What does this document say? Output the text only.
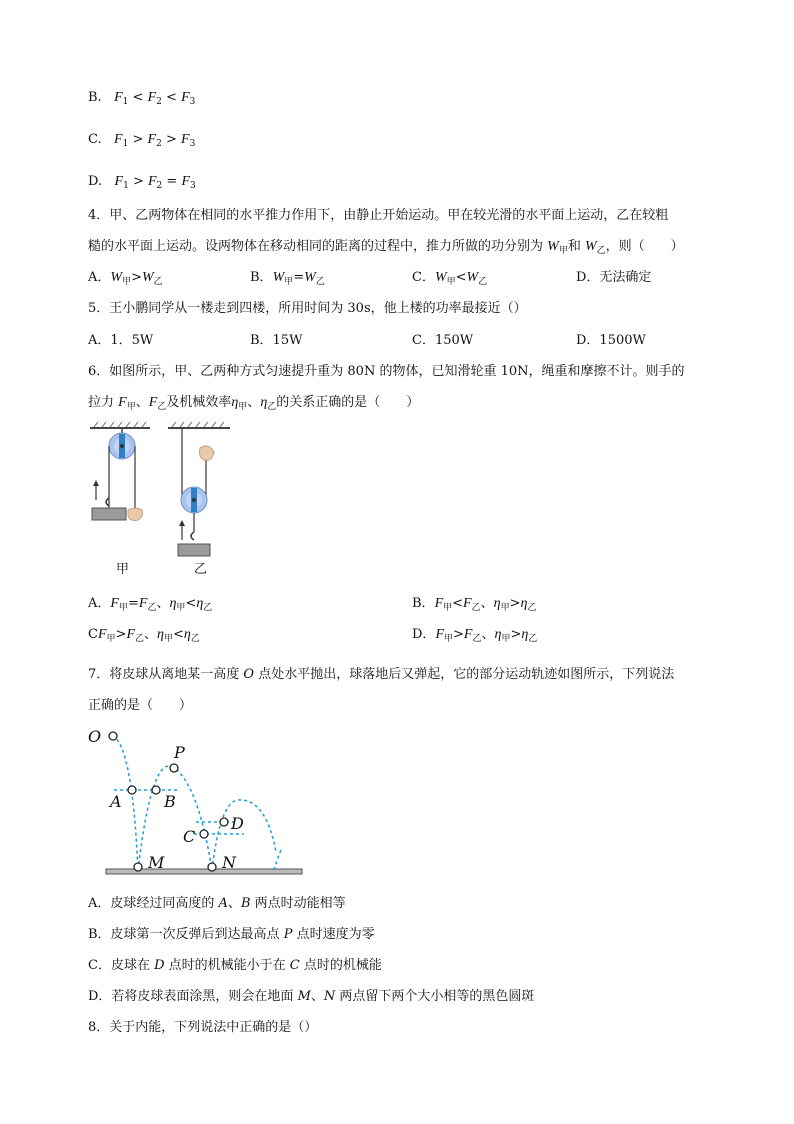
B. $F_1 < F_2 < F_3$
C. $F_1 > F_2 > F_3$
D. $F_1 > F_2 = F_3$
4．甲、乙两物体在相同的水平推力作用下，由静止开始运动。甲在较光滑的水平面上运动，乙在较粗
糙的水平面上运动。设两物体在移动相同的距离的过程中，推力所做的功分别为 $W_甲$和 $W_乙$，则（　　）
A．$W_甲>W_乙$	B．$W_甲=W_乙$	C．$W_甲<W_乙$	D．无法确定
5．王小鹏同学从一楼走到四楼，所用时间为 30s，他上楼的功率最接近（）
A．1．5W	B．15W	C．150W	D．1500W
6．如图所示，甲、乙两种方式匀速提升重为 80N 的物体，已知滑轮重 10N，绳重和摩擦不计。则手的
拉力 $F_甲$、$F_乙$及机械效率$\eta_甲$、$\eta_乙$的关系正确的是（　　）
甲	乙
A．$F_甲=F_乙$、$\eta_甲<\eta_乙$	B．$F_甲<F_乙$、$\eta_甲>\eta_乙$
$CF_甲>F_乙$、$\eta_甲<\eta_乙$	D．$F_甲>F_乙$、$\eta_甲>\eta_乙$
7．将皮球从离地某一高度 O 点处水平抛出，球落地后又弹起，它的部分运动轨迹如图所示，下列说法
正确的是（　　）
O
P
A	B
C
D
M	N
A．皮球经过同高度的 A、B 两点时动能相等
B．皮球第一次反弹后到达最高点 P 点时速度为零
C．皮球在 D 点时的机械能小于在 C 点时的机械能
D．若将皮球表面涂黑，则会在地面 M、N 两点留下两个大小相等的黑色圆斑
8．关于内能，下列说法中正确的是（）
